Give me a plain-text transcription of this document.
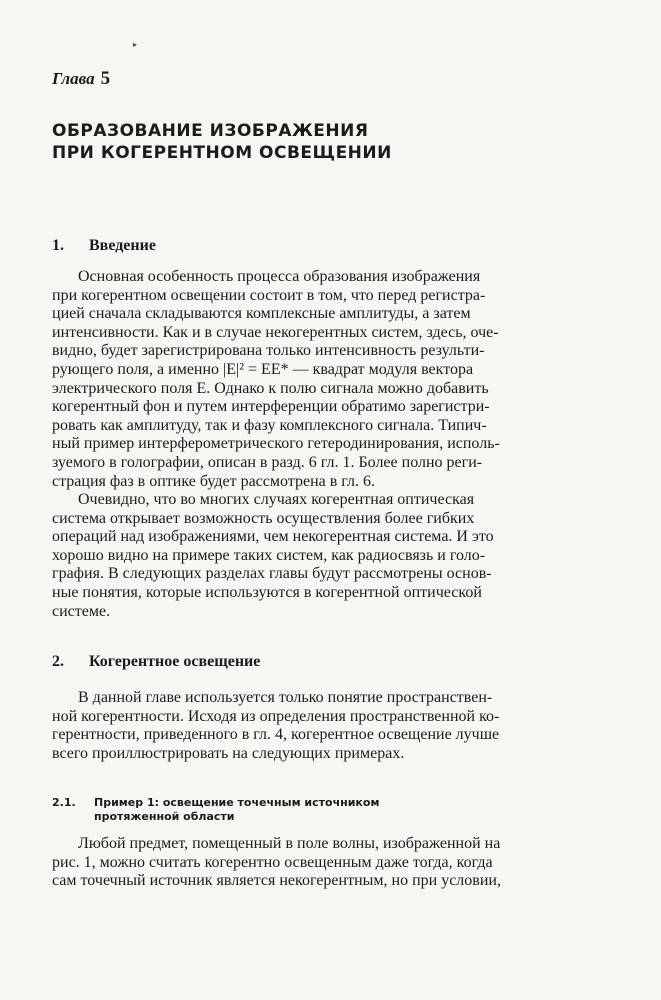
▸
Глава 5
ОБРАЗОВАНИЕ ИЗОБРАЖЕНИЯ
ПРИ КОГЕРЕНТНОМ ОСВЕЩЕНИИ
1. Введение
Основная особенность процесса образования изображения
при когерентном освещении состоит в том, что перед регистра-
цией сначала складываются комплексные амплитуды, а затем
интенсивности. Как и в случае некогерентных систем, здесь, оче-
видно, будет зарегистрирована только интенсивность результи-
рующего поля, а именно |E|² = EE* — квадрат модуля вектора
электрического поля E. Однако к полю сигнала можно добавить
когерентный фон и путем интерференции обратимо зарегистри-
ровать как амплитуду, так и фазу комплексного сигнала. Типич-
ный пример интерферометрического гетеродинирования, исполь-
зуемого в голографии, описан в разд. 6 гл. 1. Более полно реги-
страция фаз в оптике будет рассмотрена в гл. 6.
Очевидно, что во многих случаях когерентная оптическая
система открывает возможность осуществления более гибких
операций над изображениями, чем некогерентная система. И это
хорошо видно на примере таких систем, как радиосвязь и голо-
графия. В следующих разделах главы будут рассмотрены основ-
ные понятия, которые используются в когерентной оптической
системе.
2. Когерентное освещение
В данной главе используется только понятие пространствен-
ной когерентности. Исходя из определения пространственной ко-
герентности, приведенного в гл. 4, когерентное освещение лучше
всего проиллюстрировать на следующих примерах.
2.1. Пример 1: освещение точечным источником
протяженной области
Любой предмет, помещенный в поле волны, изображенной на
рис. 1, можно считать когерентно освещенным даже тогда, когда
сам точечный источник является некогерентным, но при условии,
